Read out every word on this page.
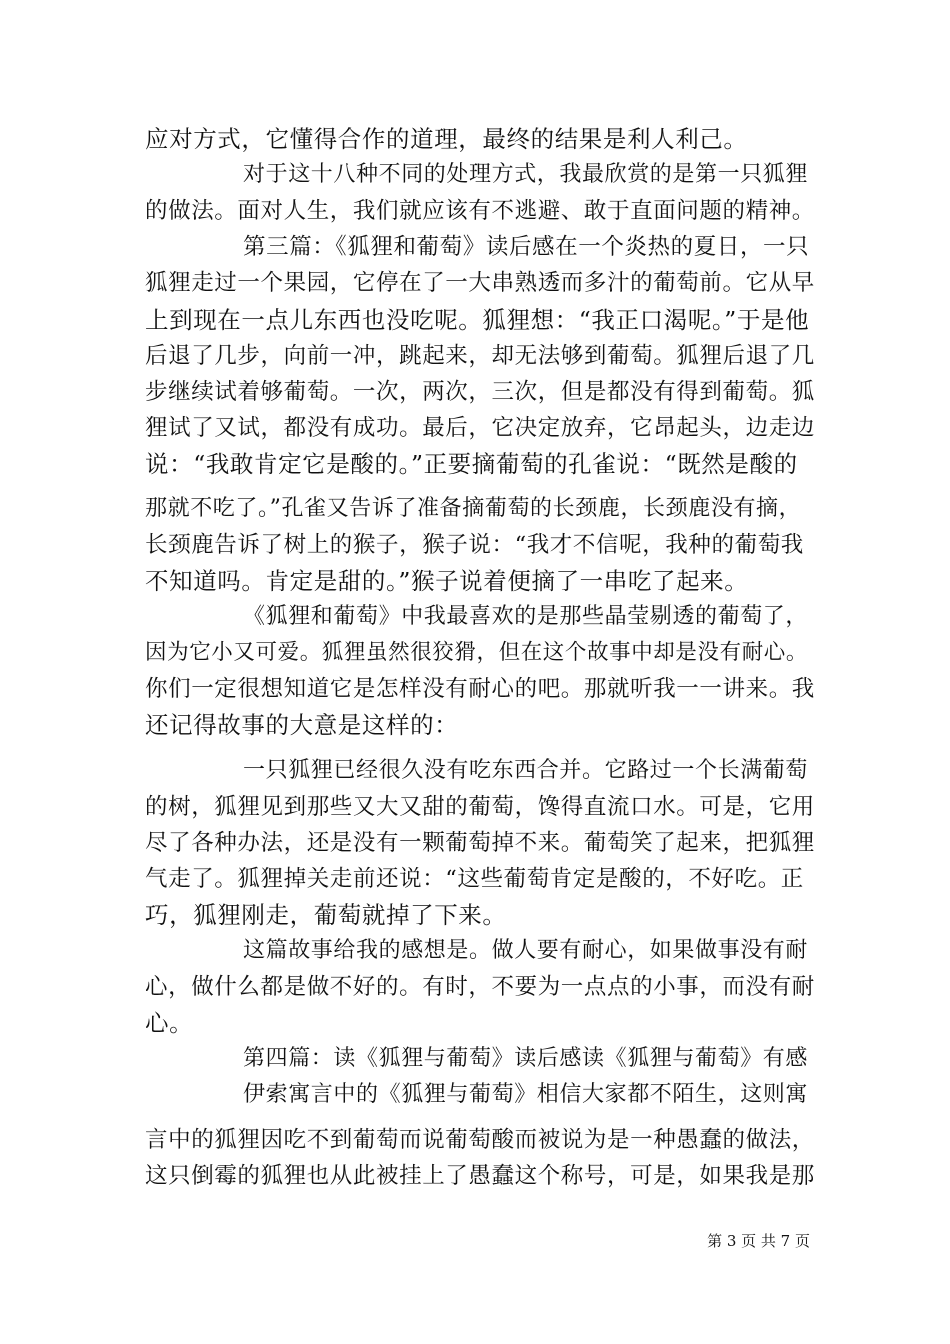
应对方式，它懂得合作的道理，最终的结果是利人利己。
对于这十八种不同的处理方式，我最欣赏的是第一只狐狸
的做法。面对人生，我们就应该有不逃避、敢于直面问题的精神。
第三篇：《狐狸和葡萄》读后感在一个炎热的夏日，一只
狐狸走过一个果园，它停在了一大串熟透而多汁的葡萄前。它从早
上到现在一点儿东西也没吃呢。狐狸想：“我正口渴呢。”于是他
后退了几步，向前一冲，跳起来，却无法够到葡萄。狐狸后退了几
步继续试着够葡萄。一次，两次，三次，但是都没有得到葡萄。狐
狸试了又试，都没有成功。最后，它决定放弃，它昂起头，边走边
说：“我敢肯定它是酸的。”正要摘葡萄的孔雀说：“既然是酸的
那就不吃了。”孔雀又告诉了准备摘葡萄的长颈鹿，长颈鹿没有摘，
长颈鹿告诉了树上的猴子，猴子说：“我才不信呢，我种的葡萄我
不知道吗。肯定是甜的。”猴子说着便摘了一串吃了起来。
《狐狸和葡萄》中我最喜欢的是那些晶莹剔透的葡萄了，
因为它小又可爱。狐狸虽然很狡猾，但在这个故事中却是没有耐心。
你们一定很想知道它是怎样没有耐心的吧。那就听我一一讲来。我
还记得故事的大意是这样的：
一只狐狸已经很久没有吃东西合并。它路过一个长满葡萄
的树，狐狸见到那些又大又甜的葡萄，馋得直流口水。可是，它用
尽了各种办法，还是没有一颗葡萄掉不来。葡萄笑了起来，把狐狸
气走了。狐狸掉关走前还说：“这些葡萄肯定是酸的，不好吃。正
巧，狐狸刚走，葡萄就掉了下来。
这篇故事给我的感想是。做人要有耐心，如果做事没有耐
心，做什么都是做不好的。有时，不要为一点点的小事，而没有耐
心。
第四篇：读《狐狸与葡萄》读后感读《狐狸与葡萄》有感
伊索寓言中的《狐狸与葡萄》相信大家都不陌生，这则寓
言中的狐狸因吃不到葡萄而说葡萄酸而被说为是一种愚蠢的做法，
这只倒霉的狐狸也从此被挂上了愚蠢这个称号，可是，如果我是那
第 3 页 共 7 页
